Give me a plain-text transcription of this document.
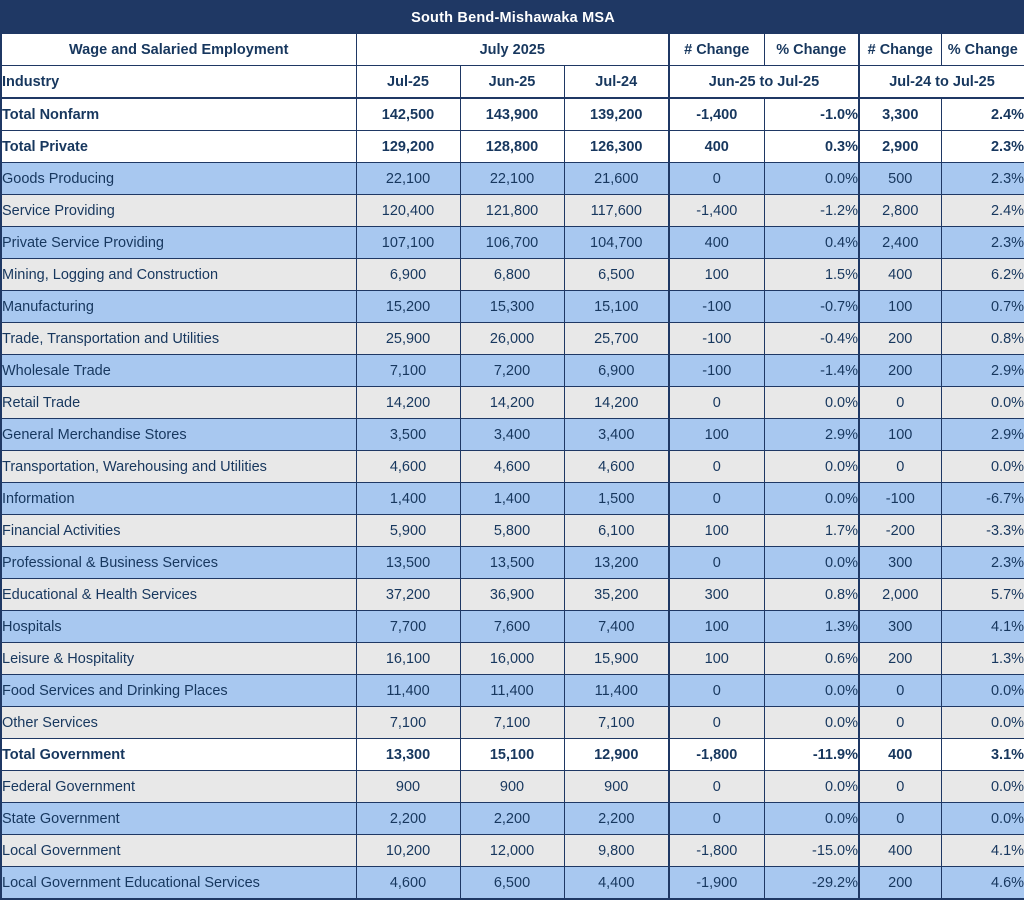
South Bend-Mishawaka MSA							
Wage and Salaried Employment	July 2025			# Change	% Change	# Change	% Change
Industry	Jul-25	Jun-25	Jul-24	Jun-25 to Jul-25		Jul-24 to Jul-25	
Total Nonfarm	142,500	143,900	139,200	-1,400	-1.0%	3,300	2.4%
Total Private	129,200	128,800	126,300	400	0.3%	2,900	2.3%
Goods Producing	22,100	22,100	21,600	0	0.0%	500	2.3%
Service Providing	120,400	121,800	117,600	-1,400	-1.2%	2,800	2.4%
Private Service Providing	107,100	106,700	104,700	400	0.4%	2,400	2.3%
Mining, Logging and Construction	6,900	6,800	6,500	100	1.5%	400	6.2%
Manufacturing	15,200	15,300	15,100	-100	-0.7%	100	0.7%
Trade, Transportation and Utilities	25,900	26,000	25,700	-100	-0.4%	200	0.8%
Wholesale Trade	7,100	7,200	6,900	-100	-1.4%	200	2.9%
Retail Trade	14,200	14,200	14,200	0	0.0%	0	0.0%
General Merchandise Stores	3,500	3,400	3,400	100	2.9%	100	2.9%
Transportation, Warehousing and Utilities	4,600	4,600	4,600	0	0.0%	0	0.0%
Information	1,400	1,400	1,500	0	0.0%	-100	-6.7%
Financial Activities	5,900	5,800	6,100	100	1.7%	-200	-3.3%
Professional & Business Services	13,500	13,500	13,200	0	0.0%	300	2.3%
Educational & Health Services	37,200	36,900	35,200	300	0.8%	2,000	5.7%
Hospitals	7,700	7,600	7,400	100	1.3%	300	4.1%
Leisure & Hospitality	16,100	16,000	15,900	100	0.6%	200	1.3%
Food Services and Drinking Places	11,400	11,400	11,400	0	0.0%	0	0.0%
Other Services	7,100	7,100	7,100	0	0.0%	0	0.0%
Total Government	13,300	15,100	12,900	-1,800	-11.9%	400	3.1%
Federal Government	900	900	900	0	0.0%	0	0.0%
State Government	2,200	2,200	2,200	0	0.0%	0	0.0%
Local Government	10,200	12,000	9,800	-1,800	-15.0%	400	4.1%
Local Government Educational Services	4,600	6,500	4,400	-1,900	-29.2%	200	4.6%
